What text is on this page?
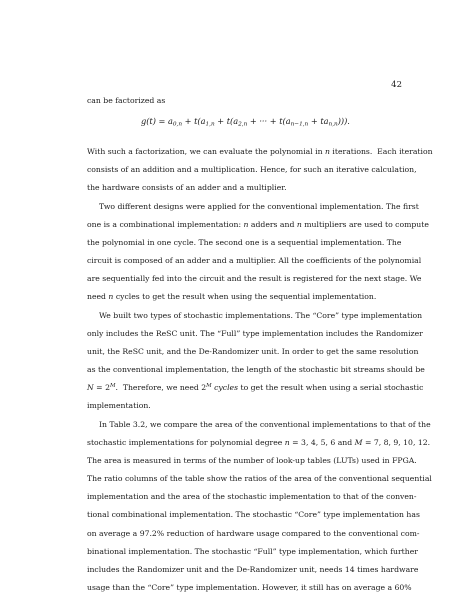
42
can be factorized as
$g(t) = a_{0,n} + t(a_{1,n} + t(a_{2,n}$ + ··· + $t(a_{n-1,n} + ta_{n,n})$)).
With such a factorization, we can evaluate the polynomial in n iterations.  Each iteration
consists of an addition and a multiplication. Hence, for such an iterative calculation,
the hardware consists of an adder and a multiplier.
Two different designs were applied for the conventional implementation. The first
one is a combinational implementation: n adders and n multipliers are used to compute
the polynomial in one cycle. The second one is a sequential implementation. The
circuit is composed of an adder and a multiplier. All the coefficients of the polynomial
are sequentially fed into the circuit and the result is registered for the next stage. We
need n cycles to get the result when using the sequential implementation.
We built two types of stochastic implementations. The “Core” type implementation
only includes the ReSC unit. The “Full” type implementation includes the Randomizer
unit, the ReSC unit, and the De-Randomizer unit. In order to get the same resolution
as the conventional implementation, the length of the stochastic bit streams should be
$N = 2^M$.  Therefore, we need $2^M$ cycles to get the result when using a serial stochastic
implementation.
In Table 3.2, we compare the area of the conventional implementations to that of the
stochastic implementations for polynomial degree n = 3, 4, 5, 6 and M = 7, 8, 9, 10, 12.
The area is measured in terms of the number of look-up tables (LUTs) used in FPGA.
The ratio columns of the table show the ratios of the area of the conventional sequential
implementation and the area of the stochastic implementation to that of the conven-
tional combinational implementation. The stochastic “Core” type implementation has
on average a 97.2% reduction of hardware usage compared to the conventional com-
binational implementation. The stochastic “Full” type implementation, which further
includes the Randomizer unit and the De-Randomizer unit, needs 14 times hardware
usage than the “Core” type implementation. However, it still has on average a 60%
